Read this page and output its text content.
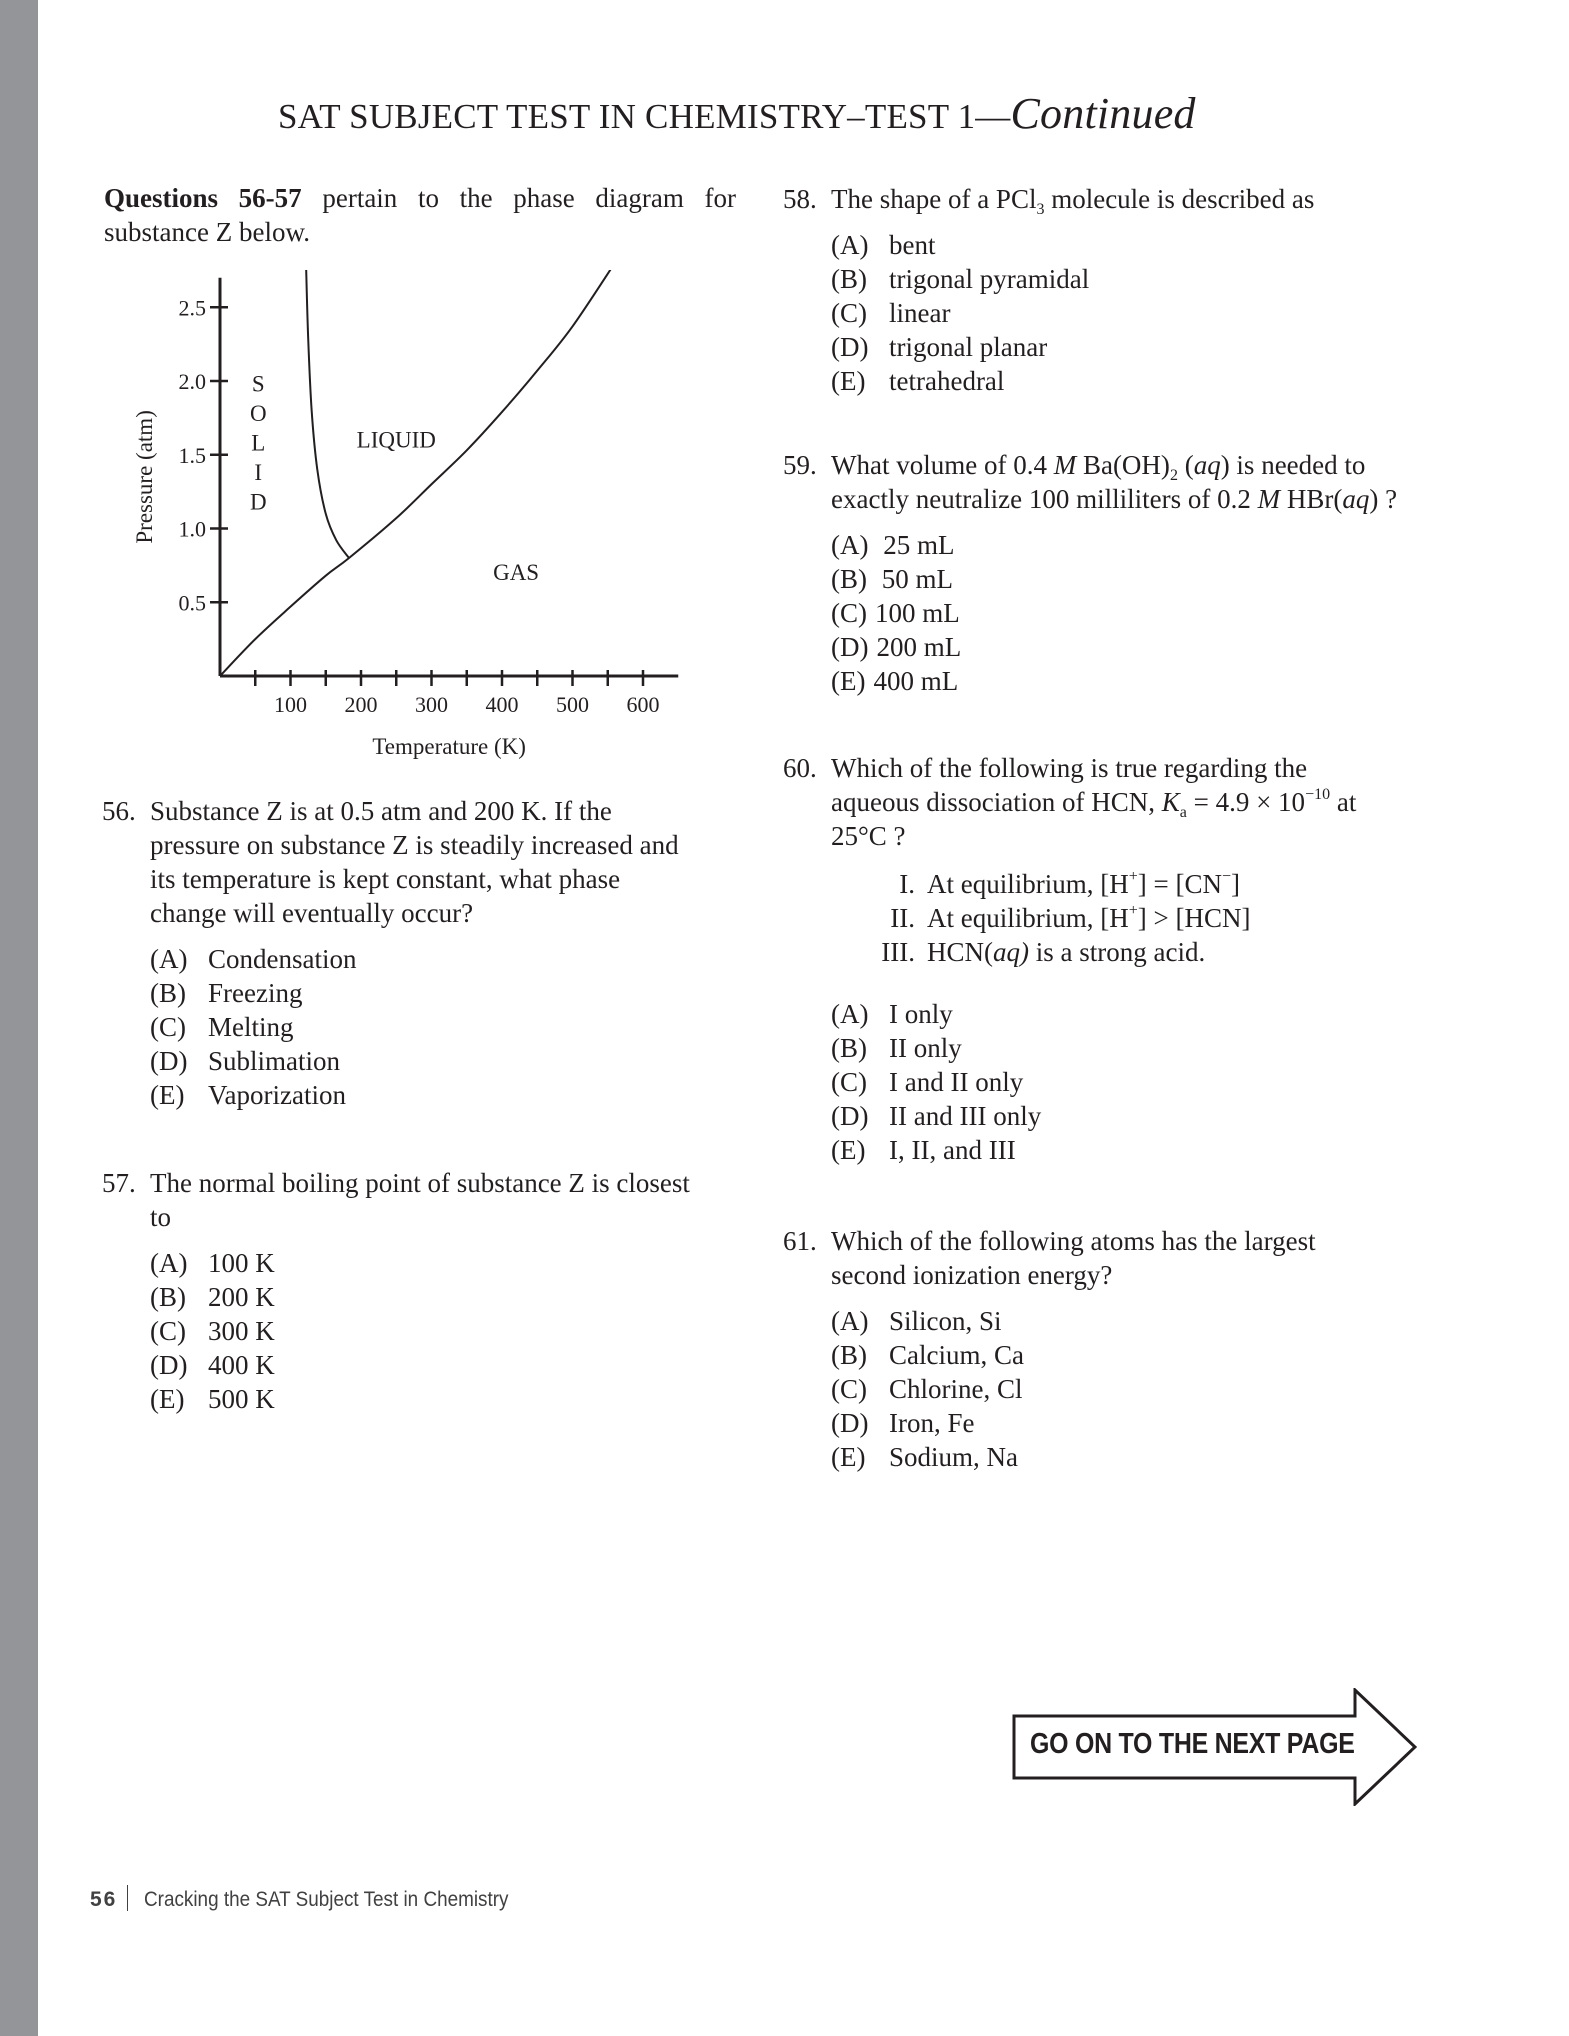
SAT SUBJECT TEST IN CHEMISTRY–TEST 1—Continued
Questions 56-57 pertain to the phase diagram for substance Z below.
0.5
1.0
1.5
2.0
2.5
100 200 300 400 500 600
Temperature (K)
Pressure (atm)
S
O
L
I
D
LIQUID
GAS
56. Substance Z is at 0.5 atm and 200 K. If the pressure on substance Z is steadily increased and its temperature is kept constant, what phase change will eventually occur?
(A) Condensation
(B) Freezing
(C) Melting
(D) Sublimation
(E) Vaporization
57. The normal boiling point of substance Z is closest to
(A) 100 K
(B) 200 K
(C) 300 K
(D) 400 K
(E) 500 K
58. The shape of a PCl$_3$ molecule is described as
(A) bent
(B) trigonal pyramidal
(C) linear
(D) trigonal planar
(E) tetrahedral
59. What volume of 0.4 M $Ba(OH)_2$ (aq) is needed to exactly neutralize 100 milliliters of 0.2 M HBr(aq) ?
(A) 25 mL
(B) 50 mL
(C) 100 mL
(D) 200 mL
(E) 400 mL
60. Which of the following is true regarding the aqueous dissociation of HCN, $K_a = 4.9 \times 10^{-10}$ at 25°C ?
I. At equilibrium, [H+] = [CN−]
II. At equilibrium, [H+] > [HCN]
III. HCN(aq) is a strong acid.
(A) I only
(B) II only
(C) I and II only
(D) II and III only
(E) I, II, and III
61. Which of the following atoms has the largest second ionization energy?
(A) Silicon, Si
(B) Calcium, Ca
(C) Chlorine, Cl
(D) Iron, Fe
(E) Sodium, Na
GO ON TO THE NEXT PAGE
56 Cracking the SAT Subject Test in Chemistry
